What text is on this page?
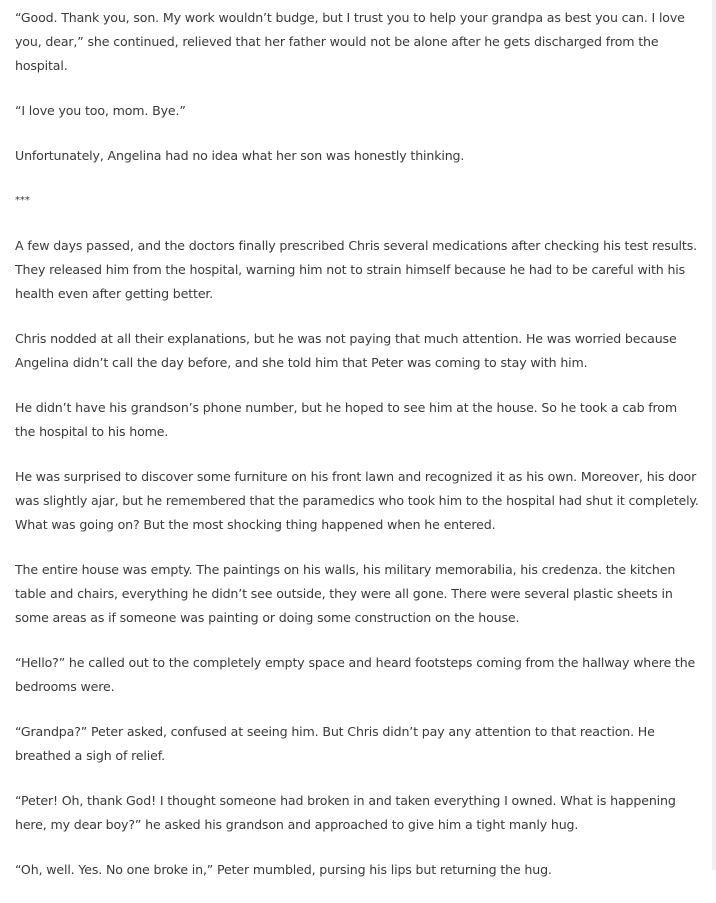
“Good. Thank you, son. My work wouldn’t budge, but I trust you to help your grandpa as best you can. I love you, dear,” she continued, relieved that her father would not be alone after he gets discharged from the hospital.

“I love you too, mom. Bye.”

Unfortunately, Angelina had no idea what her son was honestly thinking.

***

A few days passed, and the doctors finally prescribed Chris several medications after checking his test results. They released him from the hospital, warning him not to strain himself because he had to be careful with his health even after getting better.

Chris nodded at all their explanations, but he was not paying that much attention. He was worried because Angelina didn’t call the day before, and she told him that Peter was coming to stay with him.

He didn’t have his grandson’s phone number, but he hoped to see him at the house. So he took a cab from the hospital to his home.

He was surprised to discover some furniture on his front lawn and recognized it as his own. Moreover, his door was slightly ajar, but he remembered that the paramedics who took him to the hospital had shut it completely. What was going on? But the most shocking thing happened when he entered.

The entire house was empty. The paintings on his walls, his military memorabilia, his credenza. the kitchen table and chairs, everything he didn’t see outside, they were all gone. There were several plastic sheets in some areas as if someone was painting or doing some construction on the house.

“Hello?” he called out to the completely empty space and heard footsteps coming from the hallway where the bedrooms were.

“Grandpa?” Peter asked, confused at seeing him. But Chris didn’t pay any attention to that reaction. He breathed a sigh of relief.

“Peter! Oh, thank God! I thought someone had broken in and taken everything I owned. What is happening here, my dear boy?” he asked his grandson and approached to give him a tight manly hug.

“Oh, well. Yes. No one broke in,” Peter mumbled, pursing his lips but returning the hug.
